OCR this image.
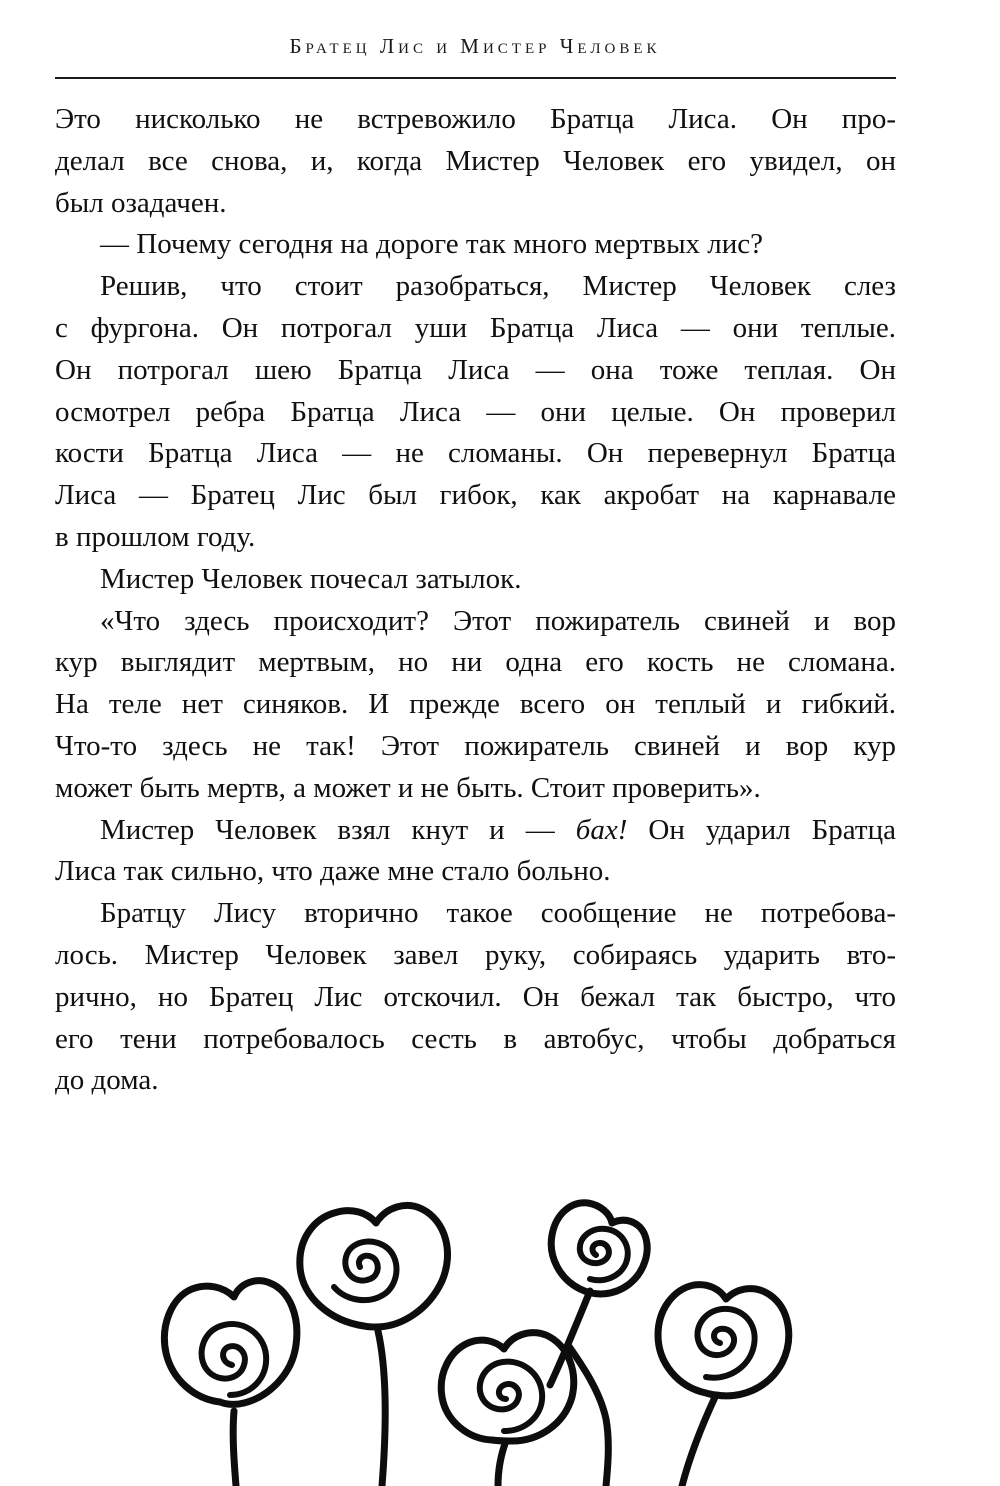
Братец Лис и Мистер Человек
Это нисколько не встревожило Братца Лиса. Он про-
делал все снова, и, когда Мистер Человек его увидел, он
был озадачен.
— Почему сегодня на дороге так много мертвых лис?
Решив, что стоит разобраться, Мистер Человек слез
с фургона. Он потрогал уши Братца Лиса — они теплые.
Он потрогал шею Братца Лиса — она тоже теплая. Он
осмотрел ребра Братца Лиса — они целые. Он проверил
кости Братца Лиса — не сломаны. Он перевернул Братца
Лиса — Братец Лис был гибок, как акробат на карнавале
в прошлом году.
Мистер Человек почесал затылок.
«Что здесь происходит? Этот пожиратель свиней и вор
кур выглядит мертвым, но ни одна его кость не сломана.
На теле нет синяков. И прежде всего он теплый и гибкий.
Что-то здесь не так! Этот пожиратель свиней и вор кур
может быть мертв, а может и не быть. Стоит проверить».
Мистер Человек взял кнут и — бах! Он ударил Братца
Лиса так сильно, что даже мне стало больно.
Братцу Лису вторично такое сообщение не потребова-
лось. Мистер Человек завел руку, собираясь ударить вто-
рично, но Братец Лис отскочил. Он бежал так быстро, что
его тени потребовалось сесть в автобус, чтобы добраться
до дома.
